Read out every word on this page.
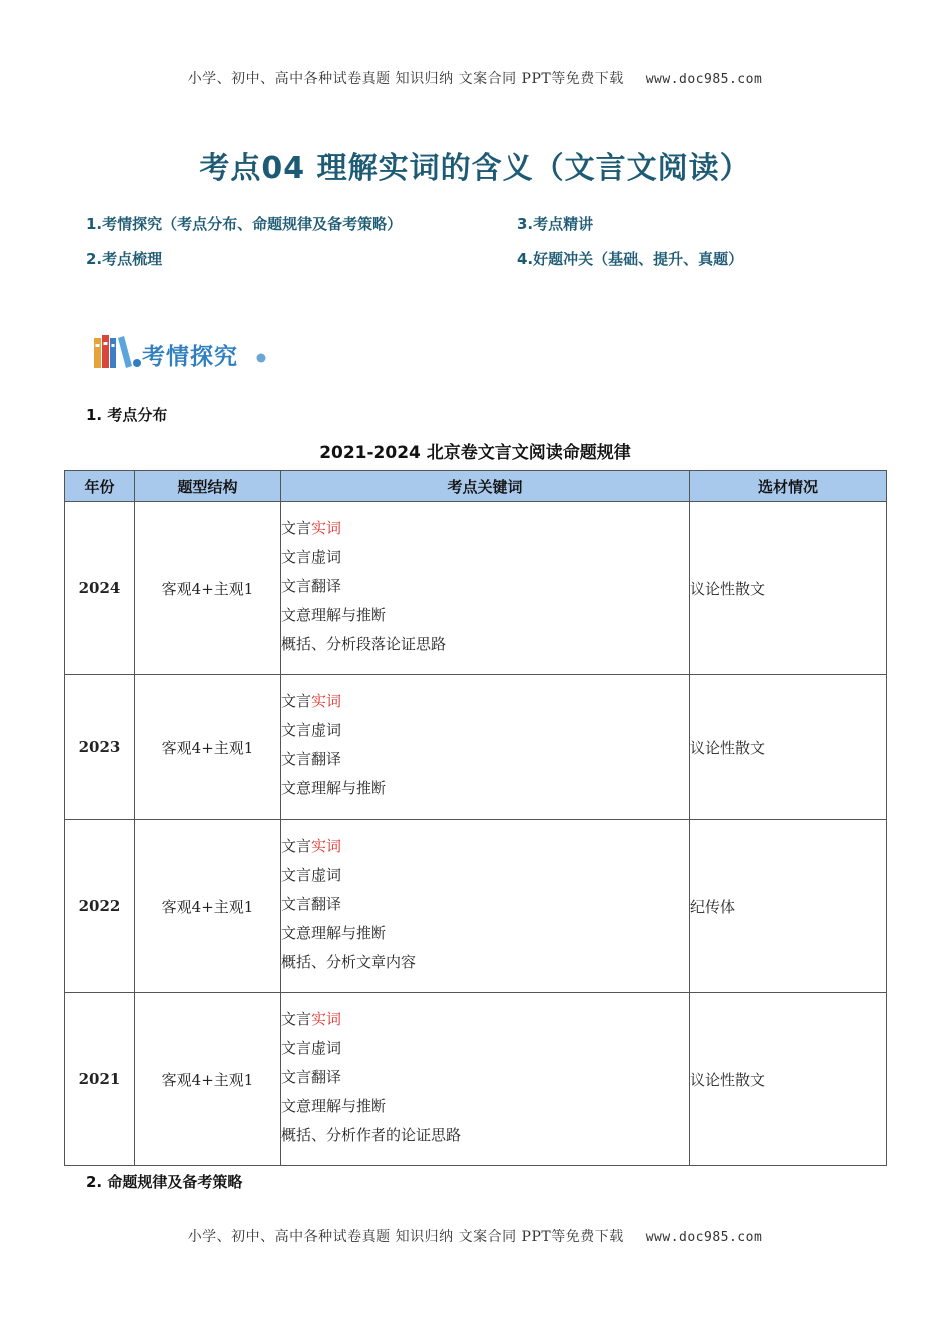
小学、初中、高中各种试卷真题 知识归纳 文案合同 PPT等免费下载 www.doc985.com
考点04 理解实词的含义（文言文阅读）
1.考情探究（考点分布、命题规律及备考策略）
2.考点梳理
3.考点精讲
4.好题冲关（基础、提升、真题）
考情探究
1. 考点分布
2021-2024 北京卷文言文阅读命题规律
年份	题型结构	考点关键词	选材情况
2024	客观4+主观1	文言实词
文言虚词
文言翻译
文意理解与推断
概括、分析段落论证思路	议论性散文
2023	客观4+主观1	文言实词
文言虚词
文言翻译
文意理解与推断	议论性散文
2022	客观4+主观1	文言实词
文言虚词
文言翻译
文意理解与推断
概括、分析文章内容	纪传体
2021	客观4+主观1	文言实词
文言虚词
文言翻译
文意理解与推断
概括、分析作者的论证思路	议论性散文
2. 命题规律及备考策略
小学、初中、高中各种试卷真题 知识归纳 文案合同 PPT等免费下载 www.doc985.com
